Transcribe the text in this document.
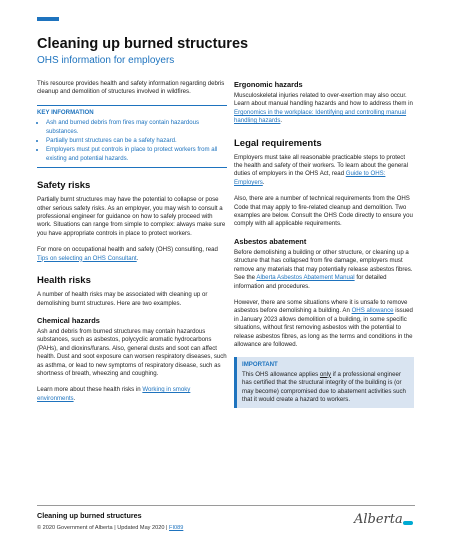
Cleaning up burned structures
OHS information for employers

This resource provides health and safety information regarding debris cleanup and demolition of structures involved in wildfires.

KEY INFORMATION
• Ash and burned debris from fires may contain hazardous substances.
• Partially burnt structures can be a safety hazard.
• Employers must put controls in place to protect workers from all existing and potential hazards.
Safety risks

Partially burnt structures may have the potential to collapse or pose other serious safety risks. As an employer, you may wish to consult a professional engineer for guidance on how to safely proceed with work. Situations can range from simple to complex: always make sure you have appropriate controls in place to protect workers.

For more on occupational health and safety (OHS) consulting, read Tips on selecting an OHS Consultant.

Health risks

A number of health risks may be associated with cleaning up or demolishing burnt structures. Here are two examples.

Chemical hazards

Ash and debris from burned structures may contain hazardous substances, such as asbestos, polycyclic aromatic hydrocarbons (PAHs), and dioxins/furans. Also, general dusts and soot can affect health. Dust and soot exposure can worsen respiratory diseases, such as asthma, or lead to new symptoms of respiratory disease, such as shortness of breath, wheezing and coughing.

Learn more about these health risks in Working in smoky environments.

Ergonomic hazards

Musculoskeletal injuries related to over-exertion may also occur. Learn about manual handling hazards and how to address them in Ergonomics in the workplace: Identifying and controlling manual handling hazards.

Legal requirements

Employers must take all reasonable practicable steps to protect the health and safety of their workers. To learn about the general duties of employers in the OHS Act, read Guide to OHS: Employers.

Also, there are a number of technical requirements from the OHS Code that may apply to fire-related cleanup and demolition. Two examples are below. Consult the OHS Code directly to ensure you comply with all applicable requirements.

Asbestos abatement

Before demolishing a building or other structure, or cleaning up a structure that has collapsed from fire damage, employers must remove any materials that may potentially release asbestos fibres. See the Alberta Asbestos Abatement Manual for detailed information and procedures.

However, there are some situations where it is unsafe to remove asbestos before demolishing a building. An OHS allowance issued in January 2023 allows demolition of a building, in some specific situations, without first removing asbestos with the potential to release asbestos fibres, as long as the terms and conditions in the allowance are followed.

IMPORTANT
This OHS allowance applies only if a professional engineer has certified that the structural integrity of the building is (or may become) compromised due to abatement activities such that it would create a hazard to workers.
Cleaning up burned structures
© 2020 Government of Alberta | Updated May 2020 | FI089
Alberta
